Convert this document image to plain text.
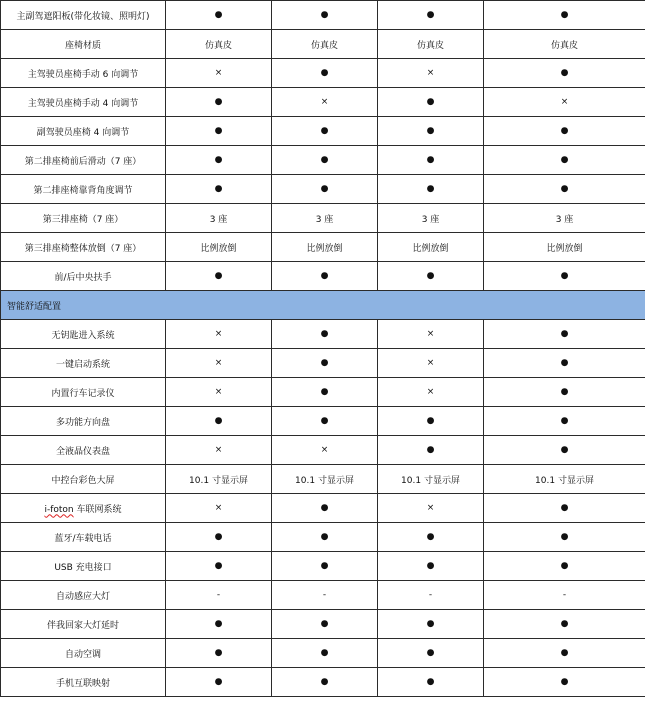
主副驾遮阳板(带化妆镜、照明灯)	●	●	●	●
座椅材质	仿真皮	仿真皮	仿真皮	仿真皮
主驾驶员座椅手动 6 向调节	×	●	×	●
主驾驶员座椅手动 4 向调节	●	×	●	×
副驾驶员座椅 4 向调节	●	●	●	●
第二排座椅前后滑动（7 座）	●	●	●	●
第二排座椅靠背角度调节	●	●	●	●
第三排座椅（7 座）	3 座	3 座	3 座	3 座
第三排座椅整体放倒（7 座）	比例放倒	比例放倒	比例放倒	比例放倒
前/后中央扶手	●	●	●	●
智能舒适配置				
无钥匙进入系统	×	●	×	●
一键启动系统	×	●	×	●
内置行车记录仪	×	●	×	●
多功能方向盘	●	●	●	●
全液晶仪表盘	×	×	●	●
中控台彩色大屏	10.1 寸显示屏	10.1 寸显示屏	10.1 寸显示屏	10.1 寸显示屏
i-foton 车联网系统	×	●	×	●
蓝牙/车载电话	●	●	●	●
USB 充电接口	●	●	●	●
自动感应大灯	-	-	-	-
伴我回家大灯延时	●	●	●	●
自动空调	●	●	●	●
手机互联映射	●	●	●	●
